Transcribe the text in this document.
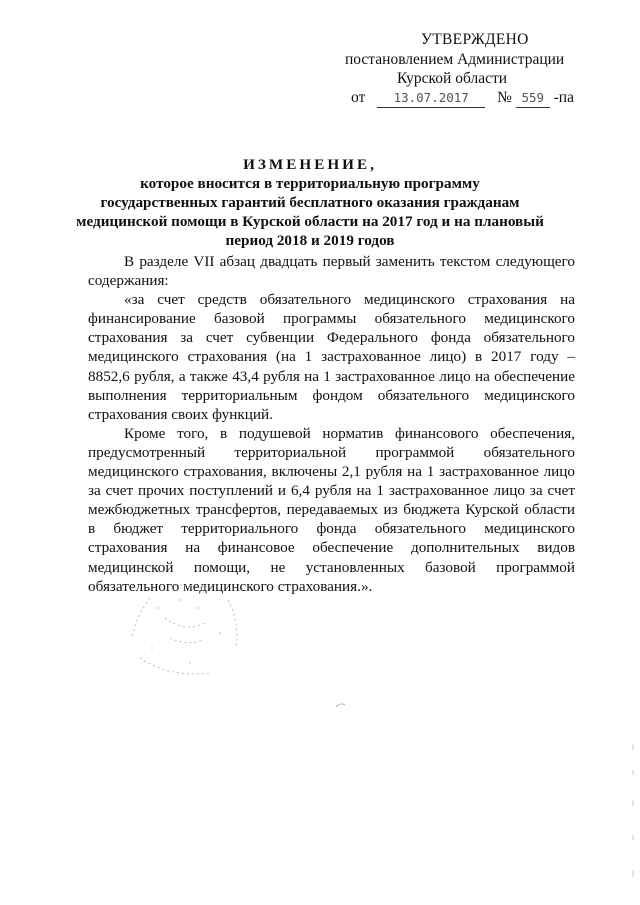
УТВЕРЖДЕНО
постановлением Администрации
Курской области
от 13.07.2017 № 559 -па
ИЗМЕНЕНИЕ,
которое вносится в территориальную программу
государственных гарантий бесплатного оказания гражданам
медицинской помощи в Курской области на 2017 год и на плановый
период 2018 и 2019 годов

В разделе VII абзац двадцать первый заменить текстом следующего содержания:

«за счет средств обязательного медицинского страхования на финансирование базовой программы обязательного медицинского страхования за счет субвенции Федерального фонда обязательного медицинского страхования (на 1 застрахованное лицо) в 2017 году – 8852,6 рубля, а также 43,4 рубля на 1 застрахованное лицо на обеспечение выполнения территориальным фондом обязательного медицинского страхования своих функций.

Кроме того, в подушевой норматив финансового обеспечения, предусмотренный территориальной программой обязательного медицинского страхования, включены 2,1 рубля на 1 застрахованное лицо за счет прочих поступлений и 6,4 рубля на 1 застрахованное лицо за счет межбюджетных трансфертов, передаваемых из бюджета Курской области в бюджет территориального фонда обязательного медицинского страхования на финансовое обеспечение дополнительных видов медицинской помощи, не установленных базовой программой обязательного медицинского страхования.».
